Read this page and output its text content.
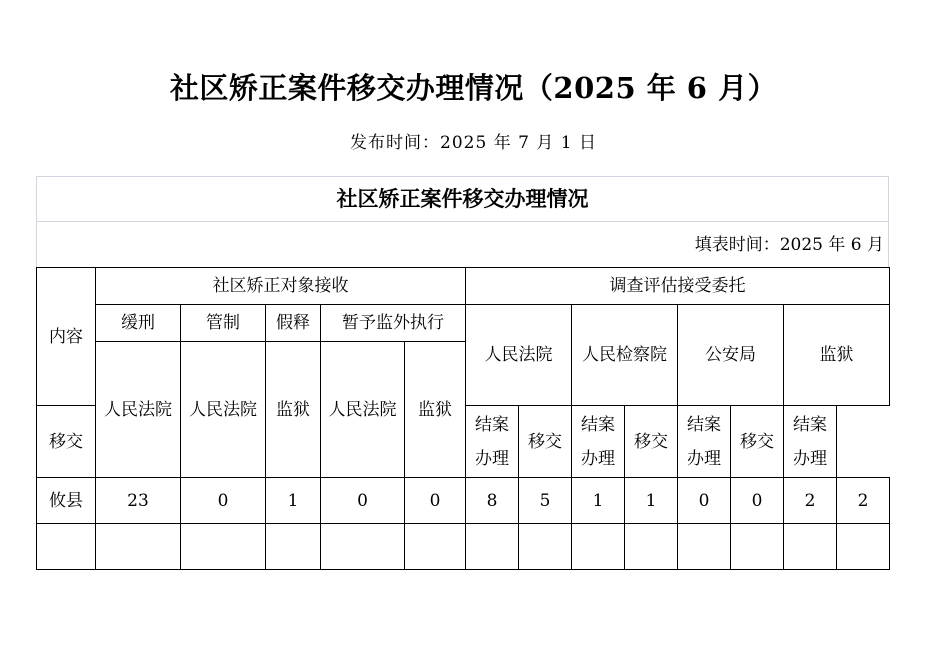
社区矫正案件移交办理情况（2025 年 6 月）
发布时间：2025 年 7 月 1 日
社区矫正案件移交办理情况
填表时间：2025 年 6 月
内容	社区矫正对象接收					调查评估接受委托							
	缓刑	管制	假释	暂予监外执行		人民法院		人民检察院		公安局		监狱	
	人民法院	人民法院	监狱	人民法院	监狱								
移交						结案办理	移交	结案办理	移交	结案办理	移交	结案办理	
攸县	23	0	1	0	0	8	5	1	1	0	0	2	2
